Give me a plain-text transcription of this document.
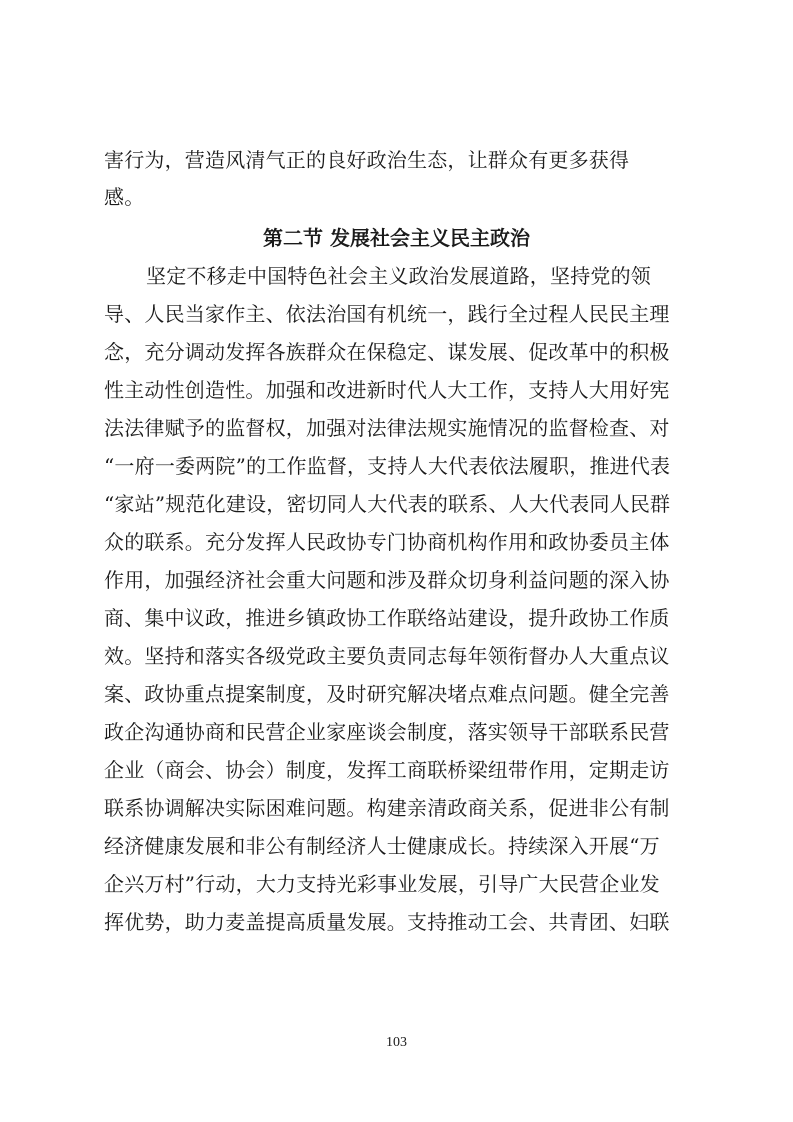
害行为，营造风清气正的良好政治生态，让群众有更多获得
感。
第二节 发展社会主义民主政治
坚定不移走中国特色社会主义政治发展道路，坚持党的领
导、人民当家作主、依法治国有机统一，践行全过程人民民主理
念，充分调动发挥各族群众在保稳定、谋发展、促改革中的积极
性主动性创造性。加强和改进新时代人大工作，支持人大用好宪
法法律赋予的监督权，加强对法律法规实施情况的监督检查、对
“一府一委两院”的工作监督，支持人大代表依法履职，推进代表
“家站”规范化建设，密切同人大代表的联系、人大代表同人民群
众的联系。充分发挥人民政协专门协商机构作用和政协委员主体
作用，加强经济社会重大问题和涉及群众切身利益问题的深入协
商、集中议政，推进乡镇政协工作联络站建设，提升政协工作质
效。坚持和落实各级党政主要负责同志每年领衔督办人大重点议
案、政协重点提案制度，及时研究解决堵点难点问题。健全完善
政企沟通协商和民营企业家座谈会制度，落实领导干部联系民营
企业（商会、协会）制度，发挥工商联桥梁纽带作用，定期走访
联系协调解决实际困难问题。构建亲清政商关系，促进非公有制
经济健康发展和非公有制经济人士健康成长。持续深入开展“万
企兴万村”行动，大力支持光彩事业发展，引导广大民营企业发
挥优势，助力麦盖提高质量发展。支持推动工会、共青团、妇联
103
